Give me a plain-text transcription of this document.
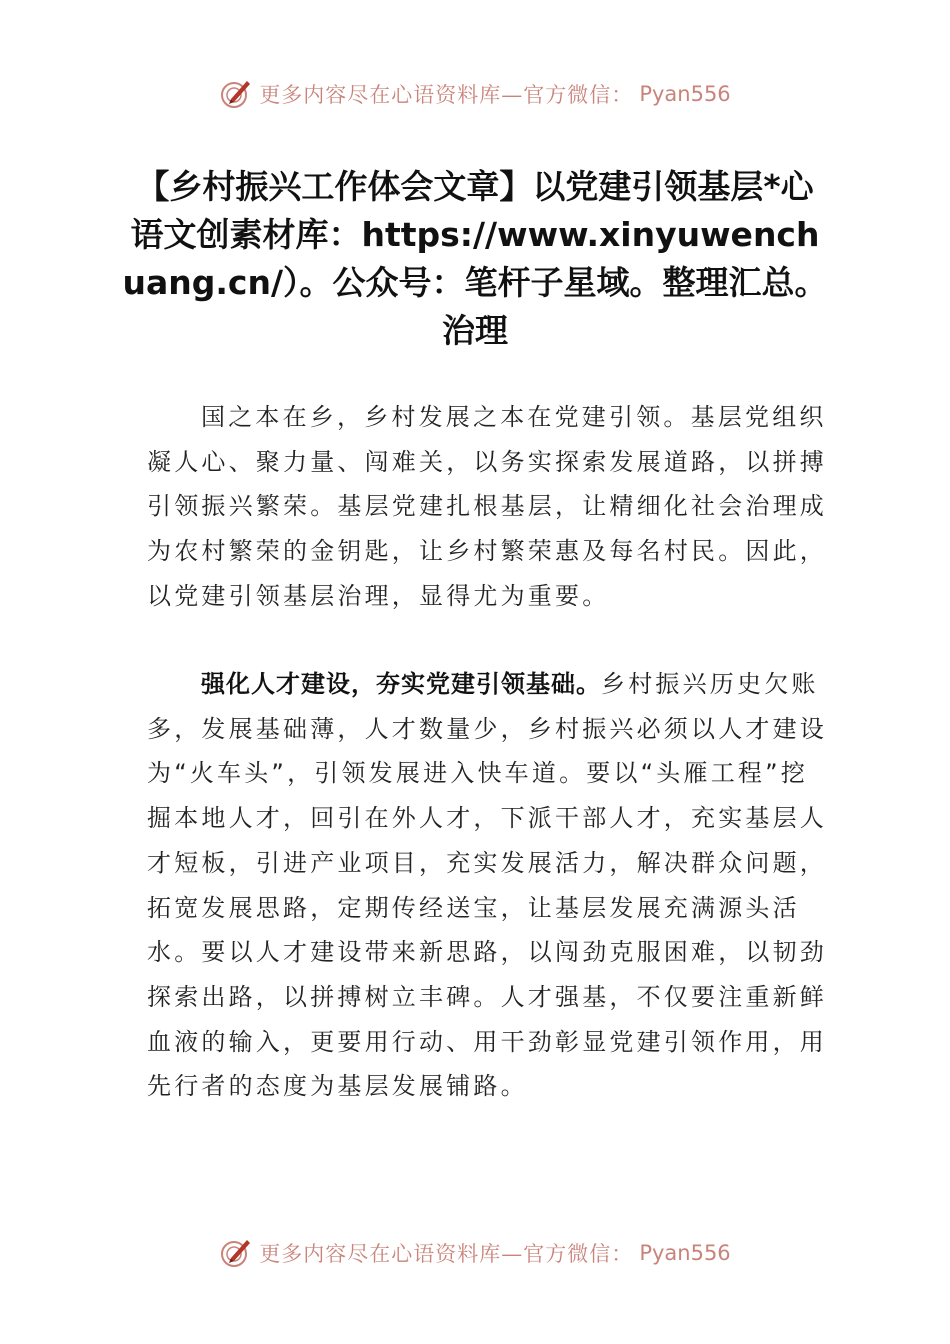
更多内容尽在心语资料库—官方微信： Pyan556
【乡村振兴工作体会文章】以党建引领基层*心语文创素材库：https://www.xinyuwenchuang.cn/）。公众号：笔杆子星域。整理汇总。治理

国之本在乡，乡村发展之本在党建引领。基层党组织凝人心、聚力量、闯难关，以务实探索发展道路，以拼搏引领振兴繁荣。基层党建扎根基层，让精细化社会治理成为农村繁荣的金钥匙，让乡村繁荣惠及每名村民。因此，以党建引领基层治理，显得尤为重要。

强化人才建设，夯实党建引领基础。乡村振兴历史欠账多，发展基础薄，人才数量少，乡村振兴必须以人才建设为“火车头”，引领发展进入快车道。要以“头雁工程”挖掘本地人才，回引在外人才，下派干部人才，充实基层人才短板，引进产业项目，充实发展活力，解决群众问题，拓宽发展思路，定期传经送宝，让基层发展充满源头活水。要以人才建设带来新思路，以闯劲克服困难，以韧劲探索出路，以拼搏树立丰碑。人才强基，不仅要注重新鲜血液的输入，更要用行动、用干劲彰显党建引领作用，用先行者的态度为基层发展铺路。

更多内容尽在心语资料库—官方微信： Pyan556
